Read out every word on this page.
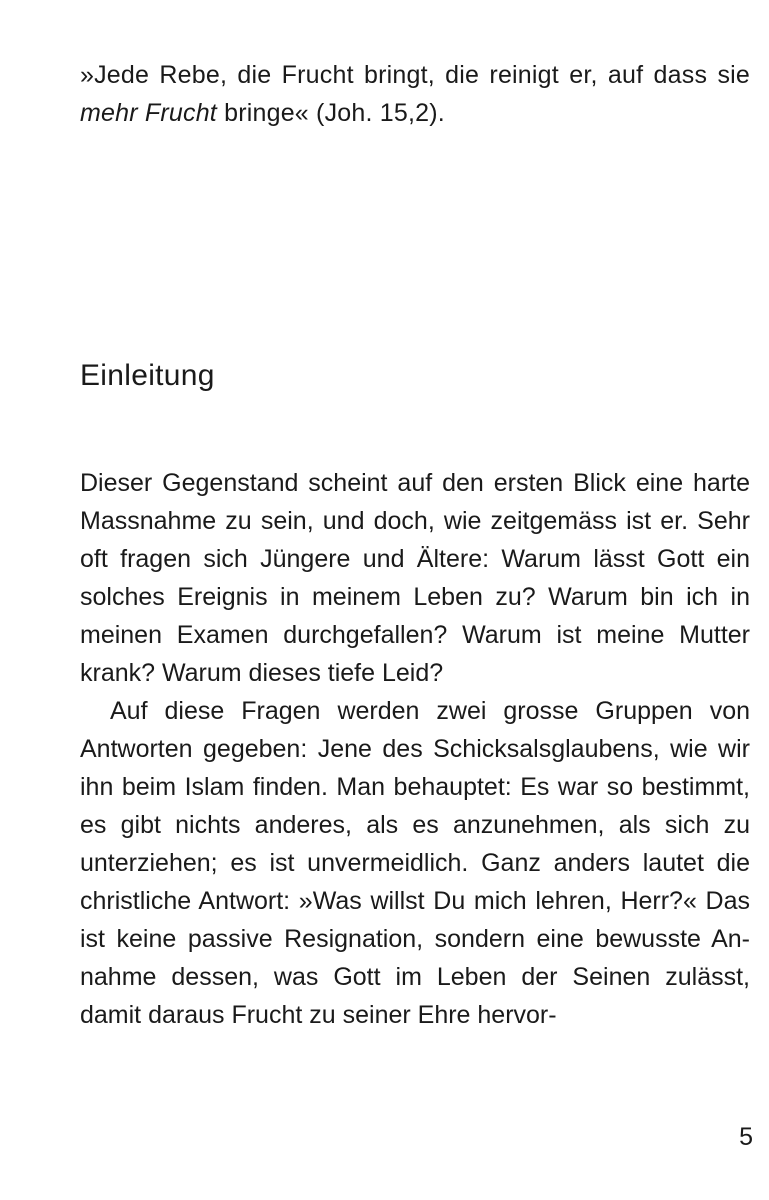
»Jede Rebe, die Frucht bringt, die reinigt er, auf dass sie mehr Frucht bringe« (Joh. 15,2).
Einleitung

Dieser Gegenstand scheint auf den ersten Blick eine harte Massnahme zu sein, und doch, wie zeitgemäss ist er. Sehr oft fragen sich Jüngere und Ältere: Warum lässt Gott ein solches Ereignis in meinem Leben zu? Warum bin ich in meinen Examen durchgefallen? Warum ist meine Mutter krank? Warum dieses tiefe Leid?

Auf diese Fragen werden zwei grosse Gruppen von Antworten gegeben: Jene des Schicksalsglaubens, wie wir ihn beim Islam finden. Man behauptet: Es war so bestimmt, es gibt nichts anderes, als es anzunehmen, als sich zu unterziehen; es ist unvermeidlich. Ganz anders lautet die christliche Antwort: »Was willst Du mich lehren, Herr?« Das ist keine passive Resignation, sondern eine bewusste Annahme dessen, was Gott im Leben der Seinen zulässt, damit daraus Frucht zu seiner Ehre hervor-

5
